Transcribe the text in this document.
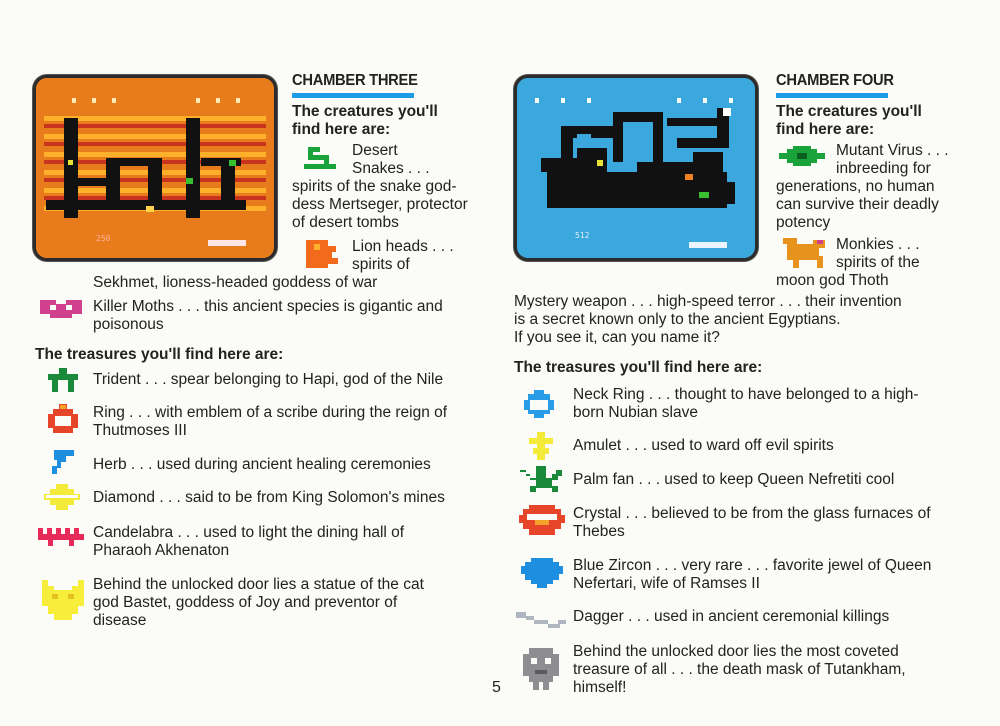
250
CHAMBER THREE
The creatures you'll
find here are:
Desert
Snakes . . .
spirits of the snake god-
dess Mertseger, protector
of desert tombs
Lion heads . . .
spirits of
Sekhmet, lioness-headed goddess of war
Killer Moths . . . this ancient species is gigantic and
poisonous
The treasures you'll find here are:
Trident . . . spear belonging to Hapi, god of the Nile
Ring . . . with emblem of a scribe during the reign of
Thutmoses III
Herb . . . used during ancient healing ceremonies
Diamond . . . said to be from King Solomon's mines
Candelabra . . . used to light the dining hall of
Pharaoh Akhenaton
Behind the unlocked door lies a statue of the cat
god Bastet, goddess of Joy and preventor of
disease
5
512
CHAMBER FOUR
The creatures you'll
find here are:
Mutant Virus . . .
inbreeding for
generations, no human
can survive their deadly
potency
Monkies . . .
spirits of the
moon god Thoth
Mystery weapon . . . high-speed terror . . . their invention
is a secret known only to the ancient Egyptians.
If you see it, can you name it?
The treasures you'll find here are:
Neck Ring . . . thought to have belonged to a high-
born Nubian slave
Amulet . . . used to ward off evil spirits
Palm fan . . . used to keep Queen Nefretiti cool
Crystal . . . believed to be from the glass furnaces of
Thebes
Blue Zircon . . . very rare . . . favorite jewel of Queen
Nefertari, wife of Ramses II
Dagger . . . used in ancient ceremonial killings
Behind the unlocked door lies the most coveted
treasure of all . . . the death mask of Tutankham,
himself!
